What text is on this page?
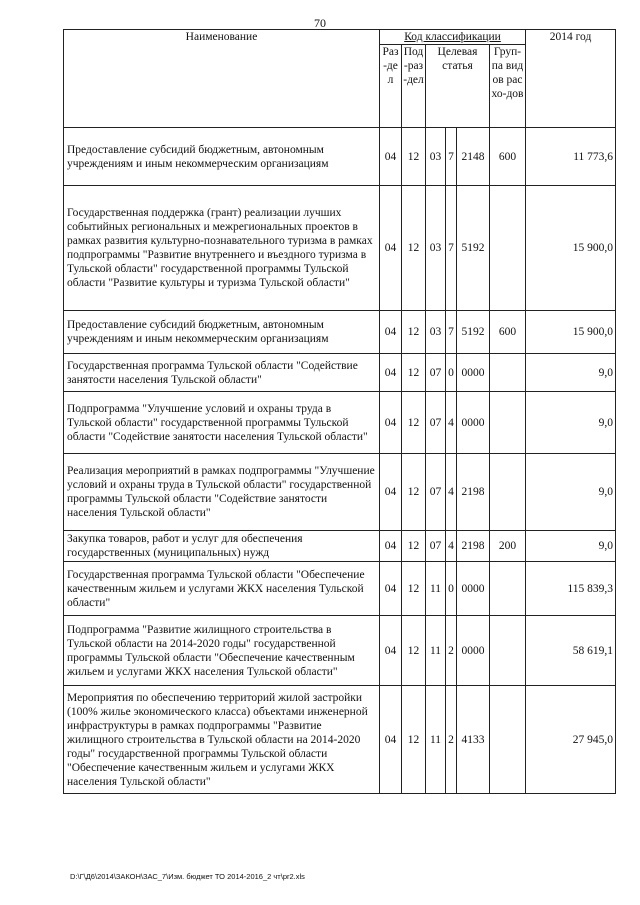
70
Наименование	Код классификации						2014 год
	Раз-дел	Под-раз-дел	Целевая статья			Груп-па видов расхо-дов	
Предоставление субсидий бюджетным, автономным учреждениям и иным некоммерческим организациям	04	12	03	7	2148	600	11 773,6
Государственная поддержка (грант) реализации лучших событийных региональных и межрегиональных проектов в рамках развития культурно-познавательного туризма в рамках подпрограммы "Развитие внутреннего и въездного туризма в Тульской области" государственной программы Тульской области "Развитие культуры и туризма Тульской области"	04	12	03	7	5192		15 900,0
Предоставление субсидий бюджетным, автономным учреждениям и иным некоммерческим организациям	04	12	03	7	5192	600	15 900,0
Государственная программа Тульской области "Содействие занятости населения Тульской области"	04	12	07	0	0000		9,0
Подпрограмма "Улучшение условий и охраны труда в Тульской области" государственной программы Тульской области "Содействие занятости населения Тульской области"	04	12	07	4	0000		9,0
Реализация мероприятий в рамках подпрограммы "Улучшение условий и охраны труда в Тульской области" государственной программы Тульской области "Содействие занятости населения Тульской области"	04	12	07	4	2198		9,0
Закупка товаров, работ и услуг для обеспечения государственных (муниципальных) нужд	04	12	07	4	2198	200	9,0
Государственная программа Тульской области "Обеспечение качественным жильем и услугами ЖКХ населения Тульской области"	04	12	11	0	0000		115 839,3
Подпрограмма "Развитие жилищного строительства в Тульской области на 2014-2020 годы" государственной программы Тульской области "Обеспечение качественным жильем и услугами ЖКХ населения Тульской области"	04	12	11	2	0000		58 619,1
Мероприятия по обеспечению территорий жилой застройки (100% жилье экономического класса) объектами инженерной инфраструктуры в рамках подпрограммы "Развитие жилищного строительства в Тульской области на 2014-2020 годы" государственной программы Тульской области "Обеспечение качественным жильем и услугами ЖКХ населения Тульской области"	04	12	11	2	4133		27 945,0
D:\Г\Д6\2014\ЗАКОН\ЗАС_7\Изм. бюджет ТО 2014-2016_2 чт\pr2.xls
